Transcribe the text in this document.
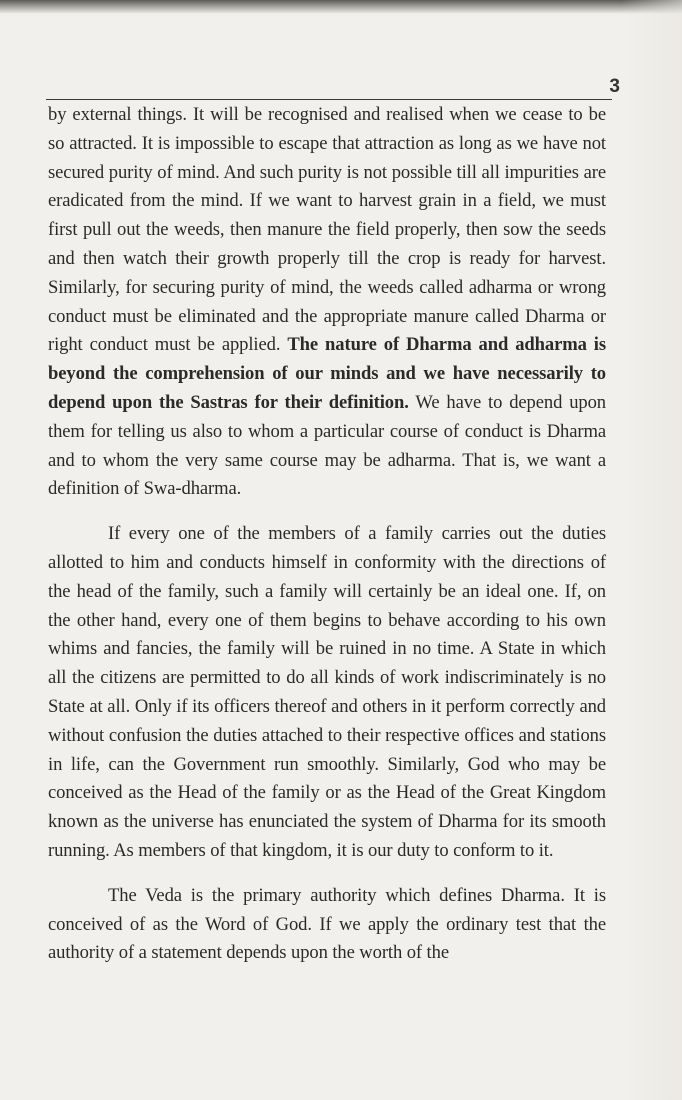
3

by external things. It will be recognised and realised when we cease to be so attracted. It is impossible to escape that attraction as long as we have not secured purity of mind. And such purity is not possible till all impurities are eradicated from the mind. If we want to harvest grain in a field, we must first pull out the weeds, then manure the field properly, then sow the seeds and then watch their growth properly till the crop is ready for harvest. Similarly, for securing purity of mind, the weeds called adharma or wrong conduct must be eliminated and the appropriate manure called Dharma or right conduct must be applied. The nature of Dharma and adharma is beyond the comprehension of our minds and we have necessarily to depend upon the Sastras for their definition. We have to depend upon them for telling us also to whom a particular course of conduct is Dharma and to whom the very same course may be adharma. That is, we want a definition of Swa-dharma.

If every one of the members of a family carries out the duties allotted to him and conducts himself in conformity with the directions of the head of the family, such a family will certainly be an ideal one. If, on the other hand, every one of them begins to behave according to his own whims and fancies, the family will be ruined in no time. A State in which all the citizens are permitted to do all kinds of work indiscriminately is no State at all. Only if its officers thereof and others in it perform correctly and without confusion the duties attached to their respective offices and stations in life, can the Government run smoothly. Similarly, God who may be conceived as the Head of the family or as the Head of the Great Kingdom known as the universe has enunciated the system of Dharma for its smooth running. As members of that kingdom, it is our duty to conform to it.

The Veda is the primary authority which defines Dharma. It is conceived of as the Word of God. If we apply the ordinary test that the authority of a statement depends upon the worth of the
